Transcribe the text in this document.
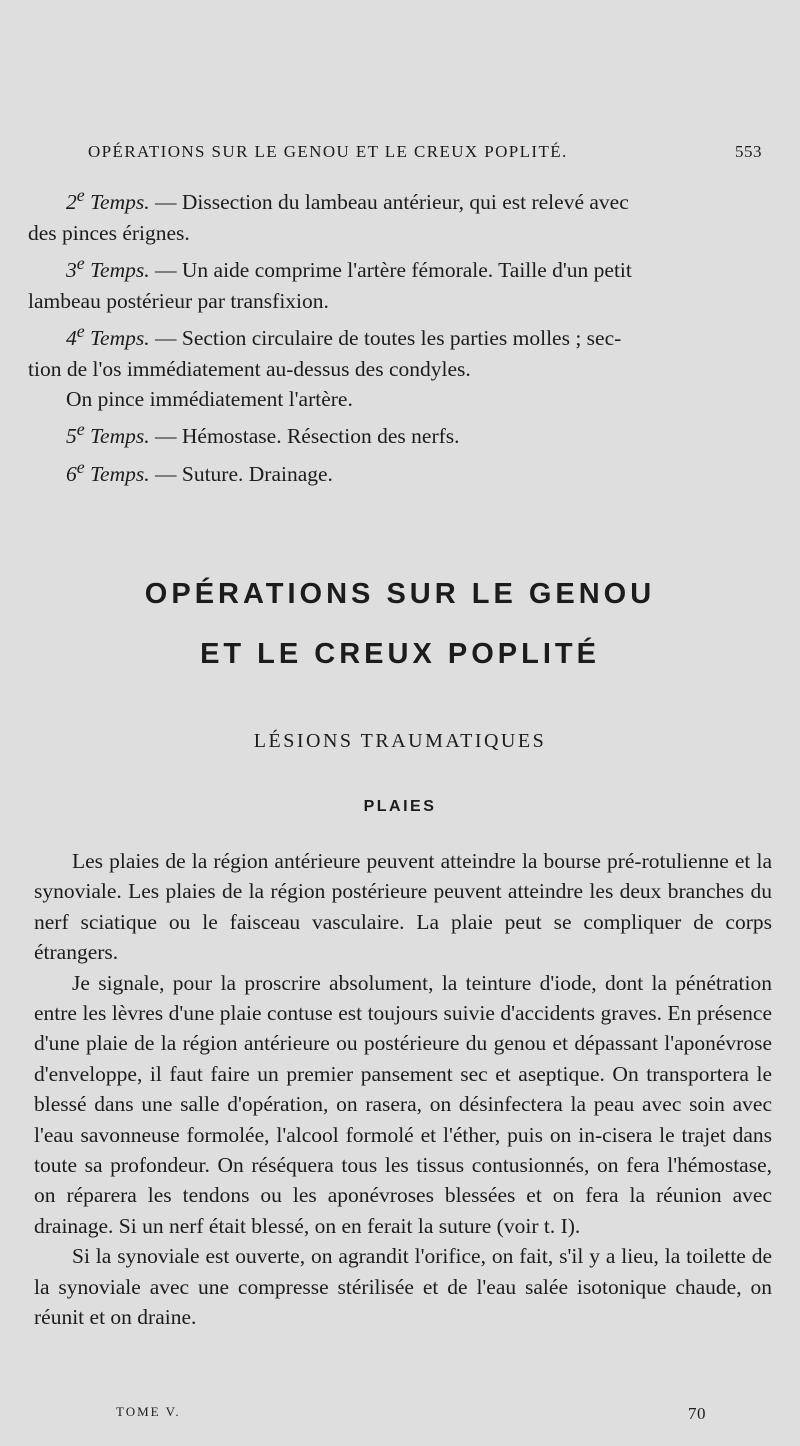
OPÉRATIONS SUR LE GENOU ET LE CREUX POPLITÉ.	553
2e Temps. — Dissection du lambeau antérieur, qui est relevé avec
des pinces érignes.
3e Temps. — Un aide comprime l'artère fémorale. Taille d'un petit
lambeau postérieur par transfixion.
4e Temps. — Section circulaire de toutes les parties molles ; sec-
tion de l'os immédiatement au-dessus des condyles.
On pince immédiatement l'artère.
5e Temps. — Hémostase. Résection des nerfs.
6e Temps. — Suture. Drainage.
OPÉRATIONS SUR LE GENOU
ET LE CREUX POPLITÉ
LÉSIONS TRAUMATIQUES
PLAIES

Les plaies de la région antérieure peuvent atteindre la bourse pré-rotulienne et la synoviale. Les plaies de la région postérieure peuvent atteindre les deux branches du nerf sciatique ou le faisceau vasculaire. La plaie peut se compliquer de corps étrangers.

Je signale, pour la proscrire absolument, la teinture d'iode, dont la pénétration entre les lèvres d'une plaie contuse est toujours suivie d'accidents graves. En présence d'une plaie de la région antérieure ou postérieure du genou et dépassant l'aponévrose d'enveloppe, il faut faire un premier pansement sec et aseptique. On transportera le blessé dans une salle d'opération, on rasera, on désinfectera la peau avec soin avec l'eau savonneuse formolée, l'alcool formolé et l'éther, puis on in-cisera le trajet dans toute sa profondeur. On réséquera tous les tissus contusionnés, on fera l'hémostase, on réparera les tendons ou les aponévroses blessées et on fera la réunion avec drainage. Si un nerf était blessé, on en ferait la suture (voir t. I).

Si la synoviale est ouverte, on agrandit l'orifice, on fait, s'il y a lieu, la toilette de la synoviale avec une compresse stérilisée et de l'eau salée isotonique chaude, on réunit et on draine.

TOME V.	70
